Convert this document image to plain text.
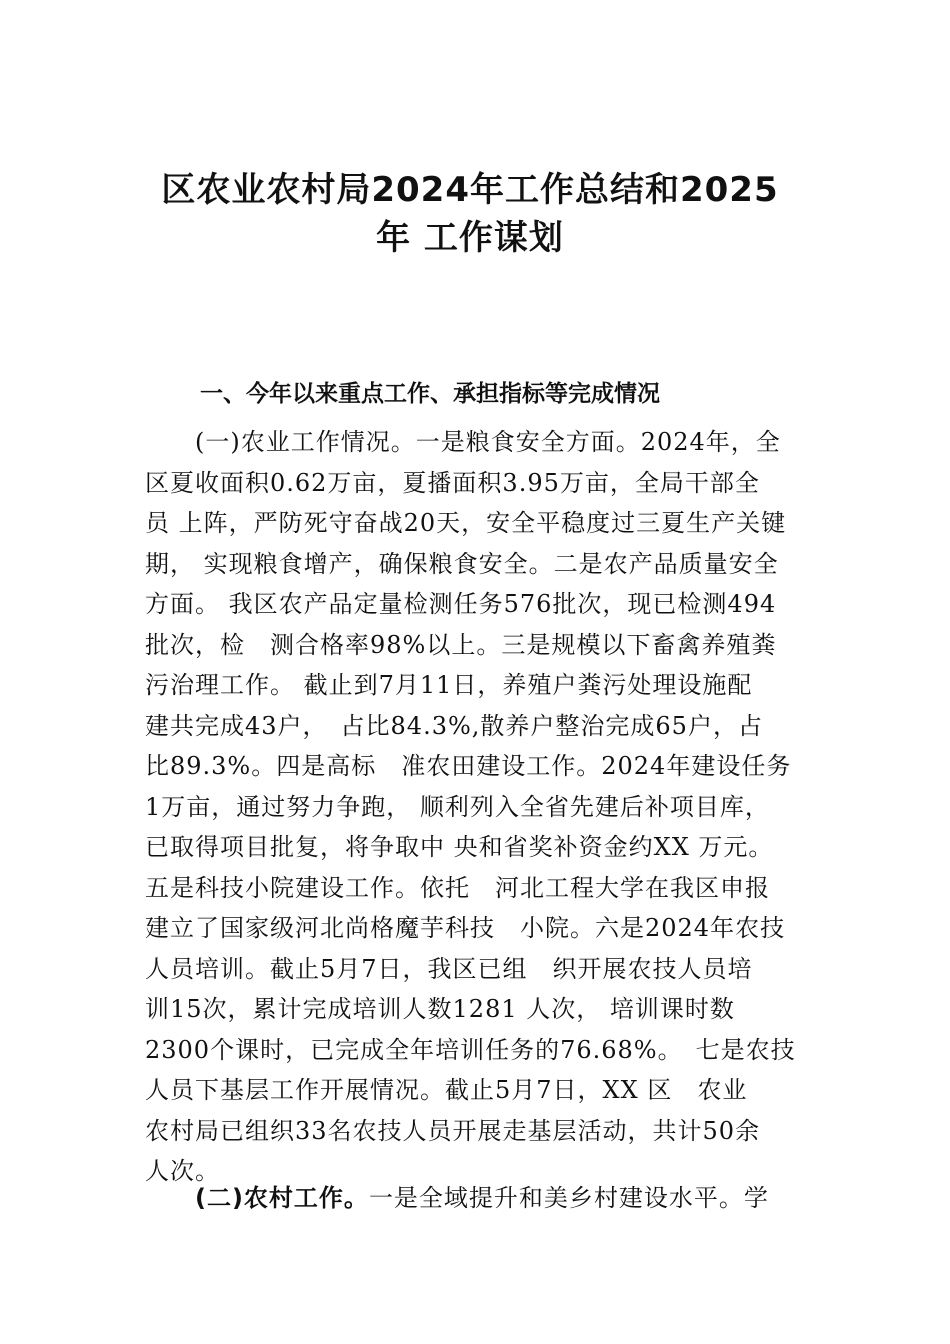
区农业农村局2024年工作总结和2025
年 工作谋划
一、今年以来重点工作、承担指标等完成情况
　　(一)农业工作情况。一是粮食安全方面。2024年，全
区夏收面积0.62万亩，夏播面积3.95万亩，全局干部全
员 上阵，严防死守奋战20天，安全平稳度过三夏生产关键
期， 实现粮食增产，确保粮食安全。二是农产品质量安全
方面。 我区农产品定量检测任务576批次，现已检测494
批次，检　测合格率98%以上。三是规模以下畜禽养殖粪
污治理工作。 截止到7月11日，养殖户粪污处理设施配
建共完成43户，　占比84.3%,散养户整治完成65户，占
比89.3%。四是高标　准农田建设工作。2024年建设任务
1万亩，通过努力争跑， 顺利列入全省先建后补项目库，
已取得项目批复，将争取中 央和省奖补资金约XX 万元。
五是科技小院建设工作。依托　河北工程大学在我区申报
建立了国家级河北尚格魔芋科技　小院。六是2024年农技
人员培训。截止5月7日，我区已组　织开展农技人员培
训15次，累计完成培训人数1281 人次， 培训课时数
2300个课时，已完成全年培训任务的76.68%。　七是农技
人员下基层工作开展情况。截止5月7日，XX 区　农业
农村局已组织33名农技人员开展走基层活动，共计50余
人次。
　　(二)农村工作。一是全域提升和美乡村建设水平。学
